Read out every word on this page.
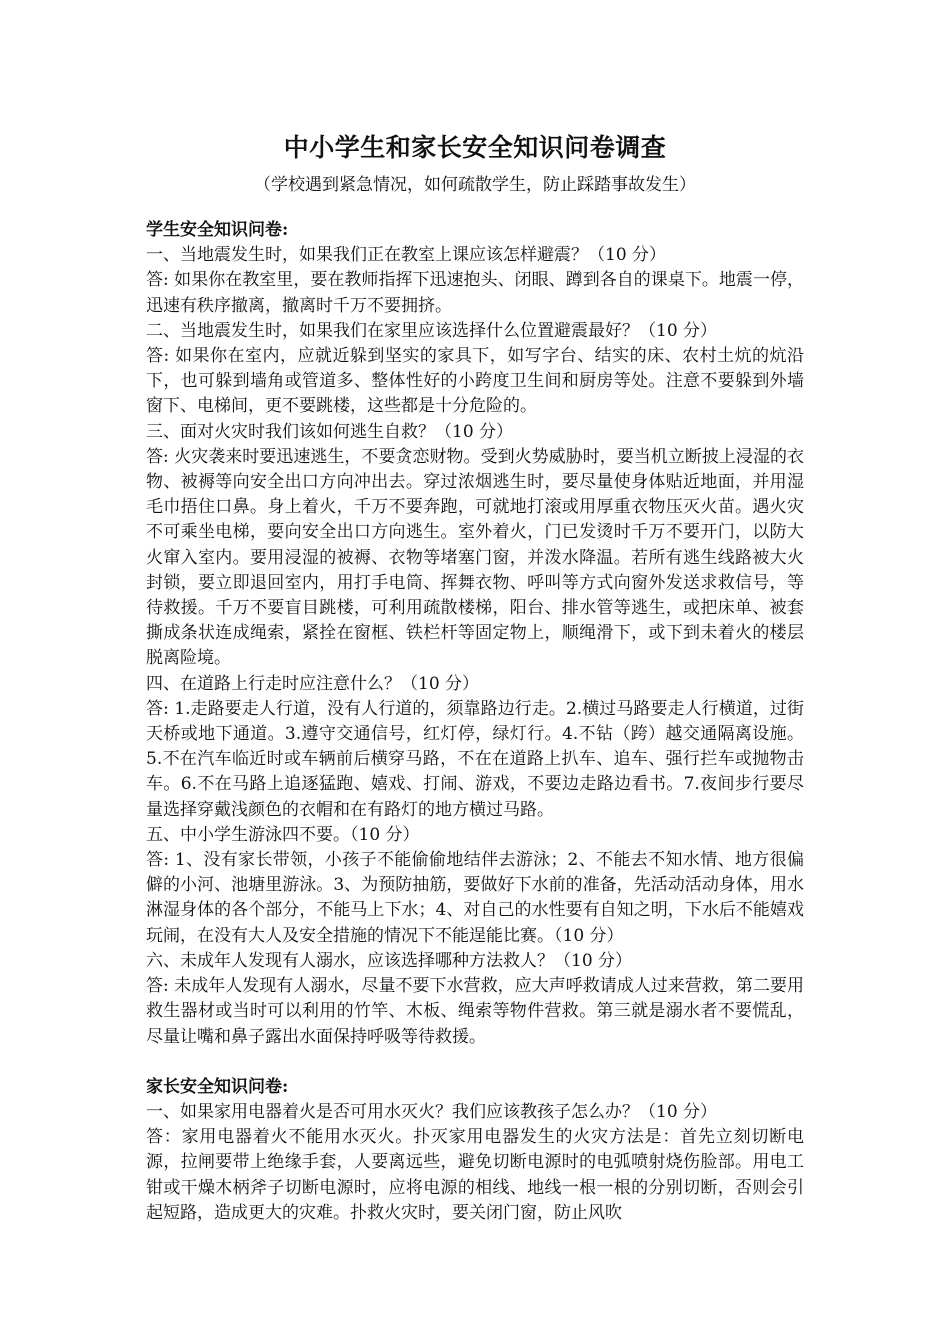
中小学生和家长安全知识问卷调查

（学校遇到紧急情况，如何疏散学生，防止踩踏事故发生）

学生安全知识问卷:

一、当地震发生时，如果我们正在教室上课应该怎样避震？（10 分）

答: 如果你在教室里，要在教师指挥下迅速抱头、闭眼、蹲到各自的课桌下。地震一停，迅速有秩序撤离，撤离时千万不要拥挤。

二、当地震发生时，如果我们在家里应该选择什么位置避震最好？（10 分）

答: 如果你在室内，应就近躲到坚实的家具下，如写字台、结实的床、农村土炕的炕沿下，也可躲到墙角或管道多、整体性好的小跨度卫生间和厨房等处。注意不要躲到外墙窗下、电梯间，更不要跳楼，这些都是十分危险的。

三、面对火灾时我们该如何逃生自救？（10 分）

答: 火灾袭来时要迅速逃生，不要贪恋财物。受到火势威胁时，要当机立断披上浸湿的衣物、被褥等向安全出口方向冲出去。穿过浓烟逃生时，要尽量使身体贴近地面，并用湿毛巾捂住口鼻。身上着火，千万不要奔跑，可就地打滚或用厚重衣物压灭火苗。遇火灾不可乘坐电梯，要向安全出口方向逃生。室外着火，门已发烫时千万不要开门，以防大火窜入室内。要用浸湿的被褥、衣物等堵塞门窗，并泼水降温。若所有逃生线路被大火封锁，要立即退回室内，用打手电筒、挥舞衣物、呼叫等方式向窗外发送求救信号，等待救援。千万不要盲目跳楼，可利用疏散楼梯，阳台、排水管等逃生，或把床单、被套撕成条状连成绳索，紧拴在窗框、铁栏杆等固定物上，顺绳滑下，或下到未着火的楼层脱离险境。

四、在道路上行走时应注意什么？（10 分）

答: 1.走路要走人行道，没有人行道的，须靠路边行走。2.横过马路要走人行横道，过街天桥或地下通道。3.遵守交通信号，红灯停，绿灯行。4.不钻（跨）越交通隔离设施。5.不在汽车临近时或车辆前后横穿马路，不在在道路上扒车、追车、强行拦车或抛物击车。6.不在马路上追逐猛跑、嬉戏、打闹、游戏，不要边走路边看书。7.夜间步行要尽量选择穿戴浅颜色的衣帽和在有路灯的地方横过马路。

五、中小学生游泳四不要。（10 分）

答: 1、没有家长带领，小孩子不能偷偷地结伴去游泳；2、不能去不知水情、地方很偏僻的小河、池塘里游泳。3、为预防抽筋，要做好下水前的准备，先活动活动身体，用水淋湿身体的各个部分，不能马上下水；4、对自己的水性要有自知之明，下水后不能嬉戏玩闹，在没有大人及安全措施的情况下不能逞能比赛。（10 分）

六、未成年人发现有人溺水，应该选择哪种方法救人？（10 分）

答: 未成年人发现有人溺水，尽量不要下水营救，应大声呼救请成人过来营救，第二要用救生器材或当时可以利用的竹竿、木板、绳索等物件营救。第三就是溺水者不要慌乱，尽量让嘴和鼻子露出水面保持呼吸等待救援。

家长安全知识问卷:

一、如果家用电器着火是否可用水灭火？我们应该教孩子怎么办？（10 分）

答：家用电器着火不能用水灭火。扑灭家用电器发生的火灾方法是：首先立刻切断电源，拉闸要带上绝缘手套，人要离远些，避免切断电源时的电弧喷射烧伤脸部。用电工钳或干燥木柄斧子切断电源时，应将电源的相线、地线一根一根的分别切断，否则会引起短路，造成更大的灾难。扑救火灾时，要关闭门窗，防止风吹
